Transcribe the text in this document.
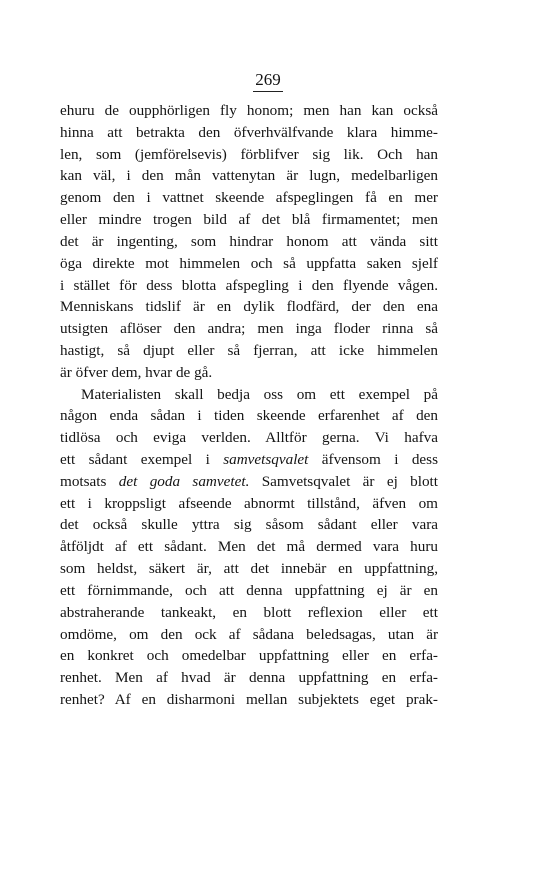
269
ehuru de oupphörligen fly honom; men han kan också
hinna att betrakta den öfverhvälfvande klara himme-
len, som (jemförelsevis) förblifver sig lik. Och han
kan väl, i den mån vattenytan är lugn, medelbarligen
genom den i vattnet skeende afspeglingen få en mer
eller mindre trogen bild af det blå firmamentet; men
det är ingenting, som hindrar honom att vända sitt
öga direkte mot himmelen och så uppfatta saken sjelf
i stället för dess blotta afspegling i den flyende vågen.
Menniskans tidslif är en dylik flodfärd, der den ena
utsigten aflöser den andra; men inga floder rinna så
hastigt, så djupt eller så fjerran, att icke himmelen
är öfver dem, hvar de gå.
Materialisten skall bedja oss om ett exempel på
någon enda sådan i tiden skeende erfarenhet af den
tidlösa och eviga verlden. Alltför gerna. Vi hafva
ett sådant exempel i samvetsqvalet äfvensom i dess
motsats det goda samvetet. Samvetsqvalet är ej blott
ett i kroppsligt afseende abnormt tillstånd, äfven om
det också skulle yttra sig såsom sådant eller vara
åtföljdt af ett sådant. Men det må dermed vara huru
som heldst, säkert är, att det innebär en uppfattning,
ett förnimmande, och att denna uppfattning ej är en
abstraherande tankeakt, en blott reflexion eller ett
omdöme, om den ock af sådana beledsagas, utan är
en konkret och omedelbar uppfattning eller en erfa-
renhet. Men af hvad är denna uppfattning en erfa-
renhet? Af en disharmoni mellan subjektets eget prak-
